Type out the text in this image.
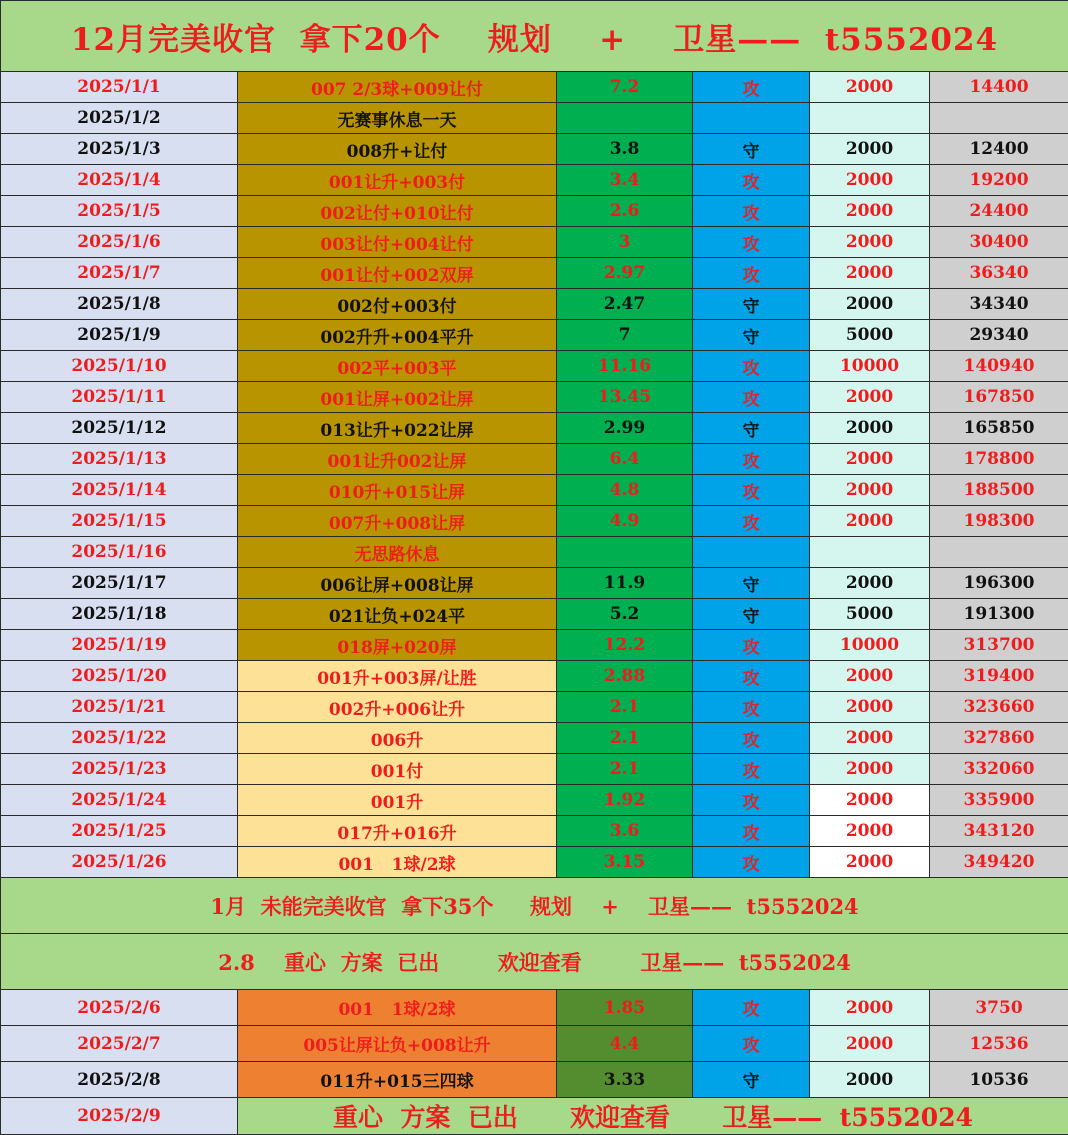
12月完美收官  拿下20个    规划    +    卫星——  t5552024					
2025/1/1	007 2/3球+009让付	7.2	攻	2000	14400
2025/1/2	无赛事休息一天				
2025/1/3	008升+让付	3.8	守	2000	12400
2025/1/4	001让升+003付	3.4	攻	2000	19200
2025/1/5	002让付+010让付	2.6	攻	2000	24400
2025/1/6	003让付+004让付	3	攻	2000	30400
2025/1/7	001让付+002双屏	2.97	攻	2000	36340
2025/1/8	002付+003付	2.47	守	2000	34340
2025/1/9	002升升+004平升	7	守	5000	29340
2025/1/10	002平+003平	11.16	攻	10000	140940
2025/1/11	001让屏+002让屏	13.45	攻	2000	167850
2025/1/12	013让升+022让屏	2.99	守	2000	165850
2025/1/13	001让升002让屏	6.4	攻	2000	178800
2025/1/14	010升+015让屏	4.8	攻	2000	188500
2025/1/15	007升+008让屏	4.9	攻	2000	198300
2025/1/16	无思路休息				
2025/1/17	006让屏+008让屏	11.9	守	2000	196300
2025/1/18	021让负+024平	5.2	守	5000	191300
2025/1/19	018屏+020屏	12.2	攻	10000	313700
2025/1/20	001升+003屏/让胜	2.88	攻	2000	319400
2025/1/21	002升+006让升	2.1	攻	2000	323660
2025/1/22	006升	2.1	攻	2000	327860
2025/1/23	001付	2.1	攻	2000	332060
2025/1/24	001升	1.92	攻	2000	335900
2025/1/25	017升+016升	3.6	攻	2000	343120
2025/1/26	001   1球/2球	3.15	攻	2000	349420
1月  未能完美收官  拿下35个     规划    +    卫星——  t5552024					
2.8    重心  方案  已出        欢迎查看        卫星——  t5552024					
2025/2/6	001   1球/2球	1.85	攻	2000	3750
2025/2/7	005让屏让负+008让升	4.4	攻	2000	12536
2025/2/8	011升+015三四球	3.33	守	2000	10536
2025/2/9	重心  方案  已出      欢迎查看      卫星——  t5552024				
